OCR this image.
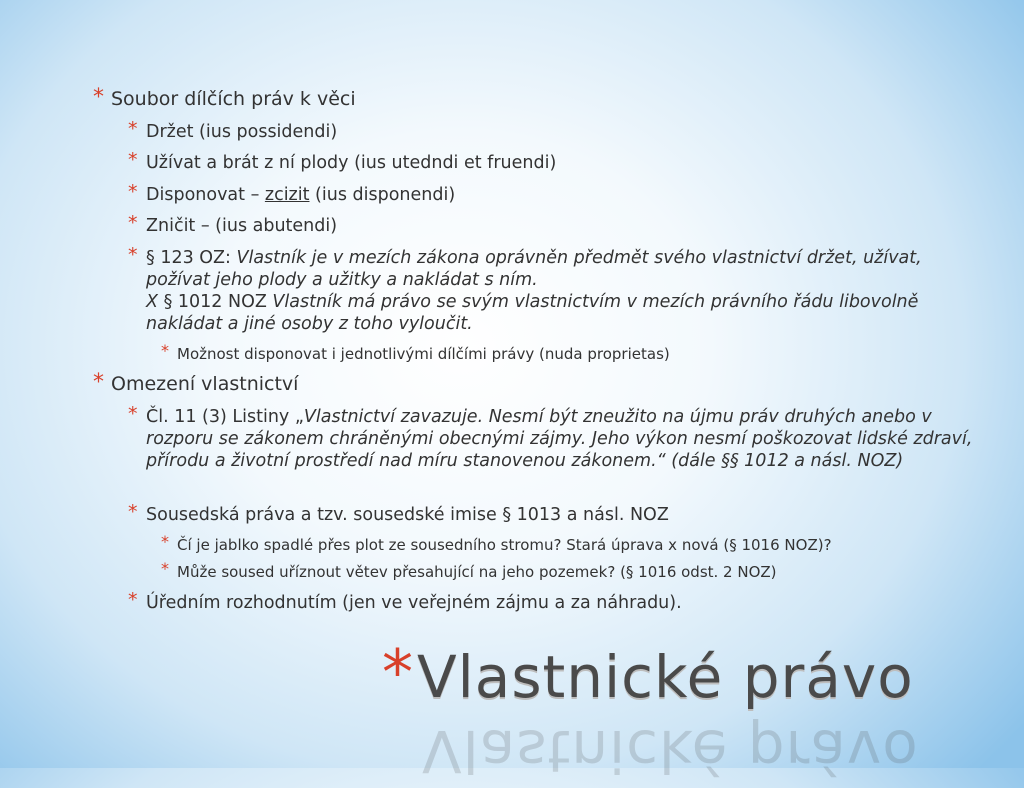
* Soubor dílčích práv k věci
* Držet (ius possidendi)
* Užívat a brát z ní plody (ius utedndi et fruendi)
* Disponovat – zcizit (ius disponendi)
* Zničit – (ius abutendi)
* § 123 OZ: Vlastník je v mezích zákona oprávněn předmět svého vlastnictví držet, užívat, požívat jeho plody a užitky a nakládat s ním.
X § 1012 NOZ Vlastník má právo se svým vlastnictvím v mezích právního řádu libovolně nakládat a jiné osoby z toho vyloučit.
* Možnost disponovat i jednotlivými dílčími právy (nuda proprietas)
* Omezení vlastnictví
* Čl. 11 (3) Listiny „Vlastnictví zavazuje. Nesmí být zneužito na újmu práv druhých anebo v rozporu se zákonem chráněnými obecnými zájmy. Jeho výkon nesmí poškozovat lidské zdraví, přírodu a životní prostředí nad míru stanovenou zákonem.“ (dále §§ 1012 a násl. NOZ)
* Sousedská práva a tzv. sousedské imise § 1013 a násl. NOZ
* Čí je jablko spadlé přes plot ze sousedního stromu? Stará úprava x nová (§ 1016 NOZ)?
* Může soused uříznout větev přesahující na jeho pozemek? (§ 1016 odst. 2 NOZ)
* Úředním rozhodnutím (jen ve veřejném zájmu a za náhradu).
* Vlastnické právo
Vlastnické právo
